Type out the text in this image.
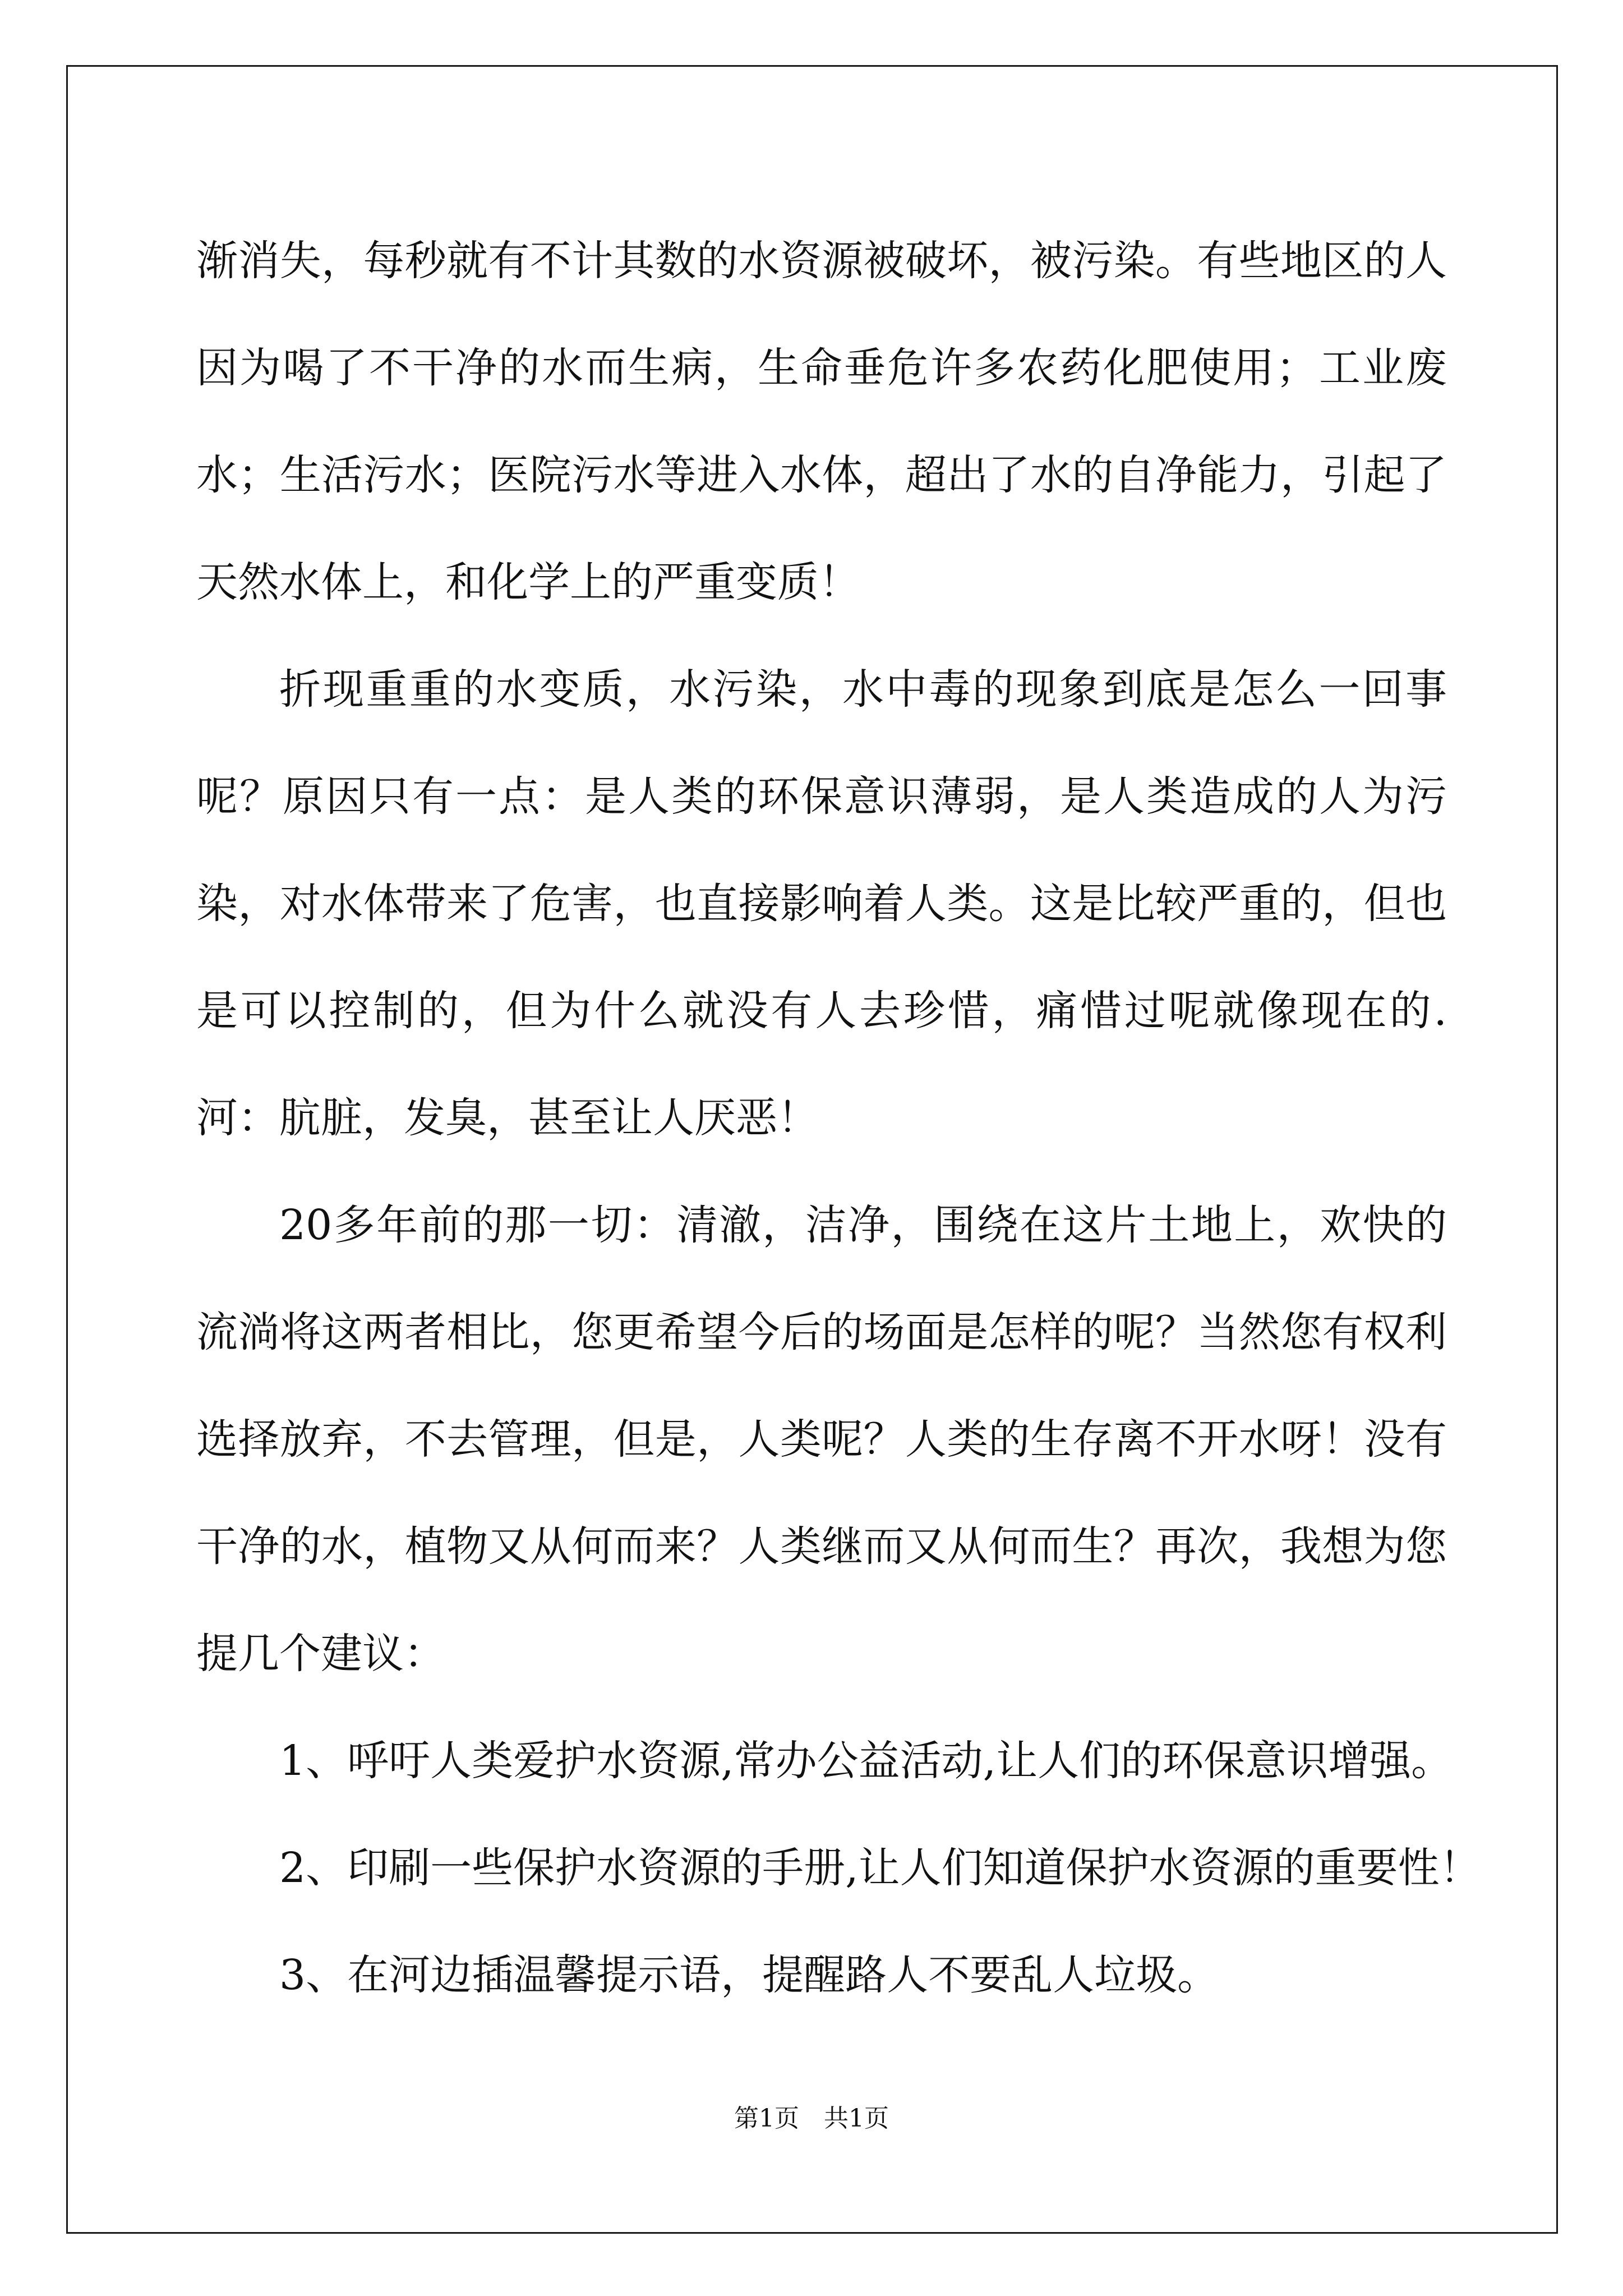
渐消失，每秒就有不计其数的水资源被破坏，被污染。有些地区的人因为喝了不干净的水而生病，生命垂危许多农药化肥使用；工业废水；生活污水；医院污水等进入水体，超出了水的自净能力，引起了天然水体上，和化学上的严重变质！

折现重重的水变质，水污染，水中毒的现象到底是怎么一回事呢？原因只有一点：是人类的环保意识薄弱，是人类造成的人为污染，对水体带来了危害，也直接影响着人类。这是比较严重的，但也是可以控制的，但为什么就没有人去珍惜，痛惜过呢就像现在的.河：肮脏，发臭，甚至让人厌恶！

20多年前的那一切：清澈，洁净，围绕在这片土地上，欢快的流淌将这两者相比，您更希望今后的场面是怎样的呢？当然您有权利选择放弃，不去管理，但是，人类呢？人类的生存离不开水呀！没有干净的水，植物又从何而来？人类继而又从何而生？再次，我想为您提几个建议：

1、呼吁人类爱护水资源,常办公益活动,让人们的环保意识增强。

2、印刷一些保护水资源的手册,让人们知道保护水资源的重要性！

3、在河边插温馨提示语，提醒路人不要乱人垃圾。

第1页　共1页
